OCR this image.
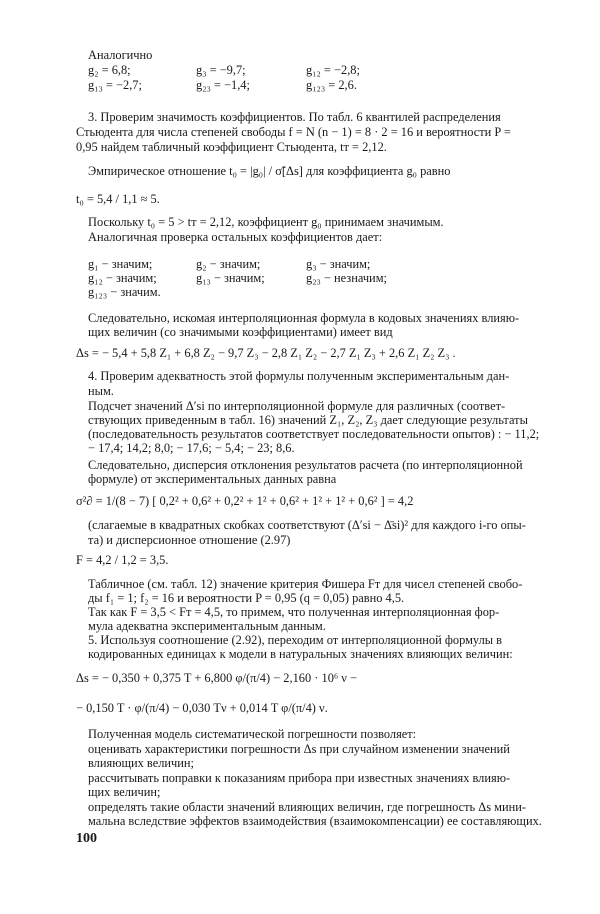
Аналогично
g₂ = 6,8;	g₃ = −9,7;	g₁₂ = −2,8;
g₁₃ = −2,7;	g₂₃ = −1,4;	g₁₂₃ = 2,6.
3. Проверим значимость коэффициентов. По табл. 6 квантилей распределения
Стьюдента для числа степеней свободы f = N (n − 1) = 8 · 2 = 16 и вероятности P =
0,95 найдем табличный коэффициент Стьюдента, tт = 2,12.
Эмпирическое отношение t₀ = |g₀| / σ̃[Δs] для коэффициента g₀ равно
t₀ = 5,4 / 1,1 ≈ 5.
Поскольку t₀ = 5 > tт = 2,12, коэффициент g₀ принимаем значимым.
Аналогичная проверка остальных коэффициентов дает:
g₁ − значим;	g₂ − значим;	g₃ − значим;
g₁₂ − значим;	g₁₃ − значим;	g₂₃ − незначим;
g₁₂₃ − значим.
Следовательно, искомая интерполяционная формула в кодовых значениях влияю-
щих величин (со значимыми коэффициентами) имеет вид
Δs = − 5,4 + 5,8 Z₁ + 6,8 Z₂ − 9,7 Z₃ − 2,8 Z₁ Z₂ − 2,7 Z₁ Z₃ + 2,6 Z₁ Z₂ Z₃ .
4. Проверим адекватность этой формулы полученным экспериментальным дан-
ным.
Подсчет значений Δ′si по интерполяционной формуле для различных (соответ-
ствующих приведенным в табл. 16) значений Z₁, Z₂, Z₃ дает следующие результаты
(последовательность результатов соответствует последовательности опытов) : − 11,2;
− 17,4; 14,2; 8,0; − 17,6; − 5,4; − 23; 8,6.
Следовательно, дисперсия отклонения результатов расчета (по интерполяционной
формуле) от экспериментальных данных равна
σ²∂ = 1/(8 − 7) [ 0,2² + 0,6² + 0,2² + 1² + 0,6² + 1² + 1² + 0,6² ] = 4,2
(слагаемые в квадратных скобках соответствуют (Δ′si − Δ̄si)² для каждого i-го опы-
та) и дисперсионное отношение (2.97)
F = 4,2 / 1,2 = 3,5.
Табличное (см. табл. 12) значение критерия Фишера Fт для чисел степеней свобо-
ды f₁ = 1; f₂ = 16 и вероятности P = 0,95 (q = 0,05) равно 4,5.
Так как F = 3,5 < Fт = 4,5, то примем, что полученная интерполяционная фор-
мула адекватна экспериментальным данным.
5. Используя соотношение (2.92), переходим от интерполяционной формулы в
кодированных единицах к модели в натуральных значениях влияющих величин:
Δs = − 0,350 + 0,375 T + 6,800 φ/(π/4) − 2,160 · 10⁶ ν −
− 0,150 T · φ/(π/4) − 0,030 Tν + 0,014 T φ/(π/4) ν.
Полученная модель систематической погрешности позволяет:
оценивать характеристики погрешности Δs при случайном изменении значений
влияющих величин;
рассчитывать поправки к показаниям прибора при известных значениях влияю-
щих величин;
определять такие области значений влияющих величин, где погрешность Δs мини-
мальна вследствие эффектов взаимодействия (взаимокомпенсации) ее составляющих.
100
